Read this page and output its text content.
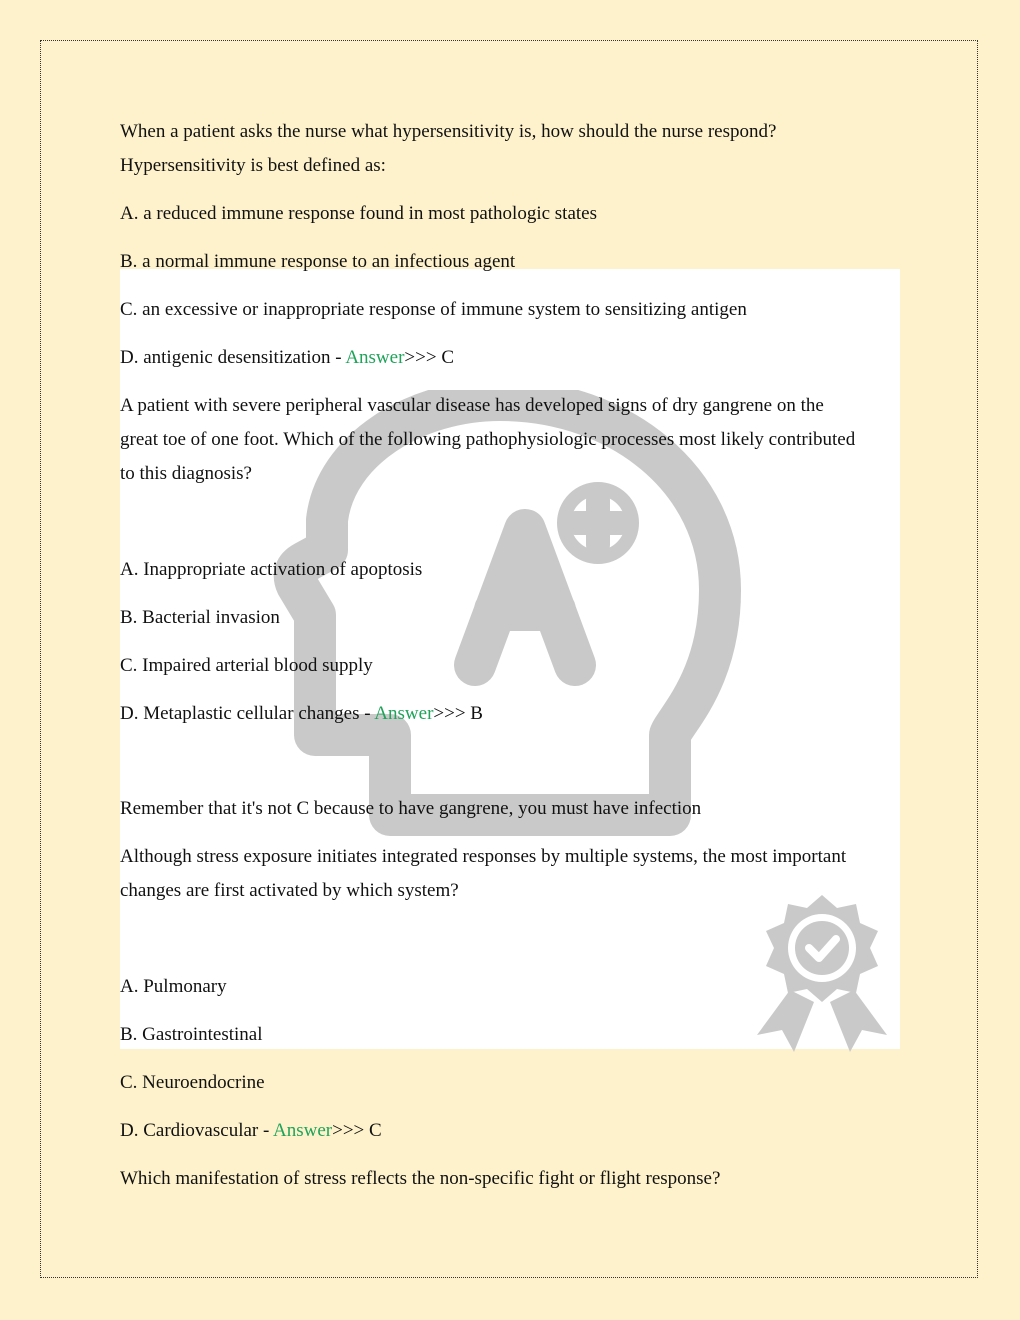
When a patient asks the nurse what hypersensitivity is, how should the nurse respond?

Hypersensitivity is best defined as:

A. a reduced immune response found in most pathologic states

B. a normal immune response to an infectious agent

C. an excessive or inappropriate response of immune system to sensitizing antigen

D. antigenic desensitization - Answer>>> C

A patient with severe peripheral vascular disease has developed signs of dry gangrene on the

great toe of one foot. Which of the following pathophysiologic processes most likely contributed

to this diagnosis?

A. Inappropriate activation of apoptosis

B. Bacterial invasion

C. Impaired arterial blood supply

D. Metaplastic cellular changes - Answer>>> B

Remember that it's not C because to have gangrene, you must have infection

Although stress exposure initiates integrated responses by multiple systems, the most important

changes are first activated by which system?

A. Pulmonary

B. Gastrointestinal

C. Neuroendocrine

D. Cardiovascular - Answer>>> C

Which manifestation of stress reflects the non-specific fight or flight response?
